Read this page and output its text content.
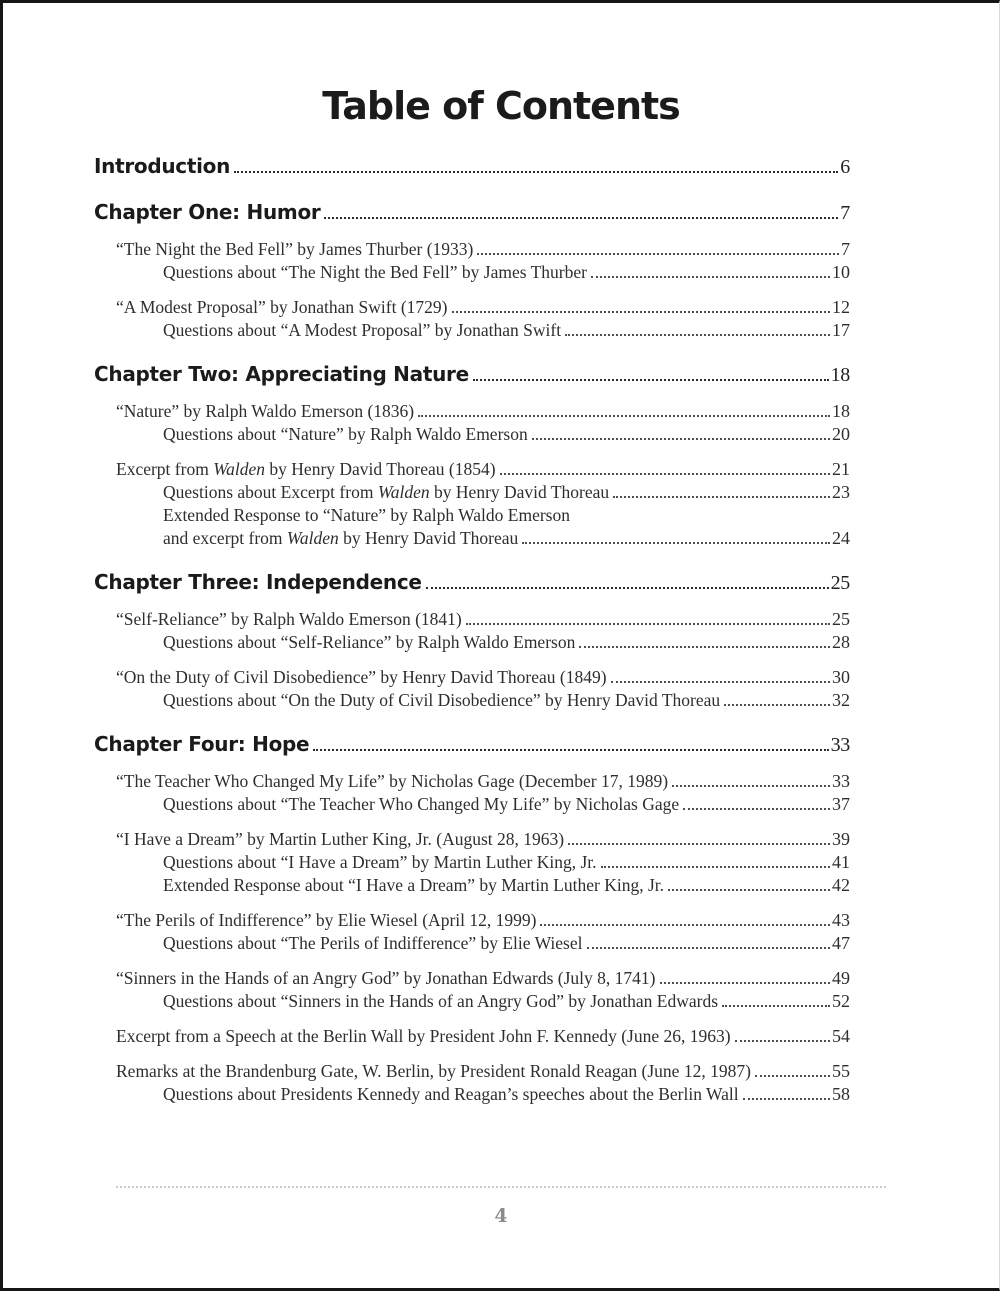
Table of Contents
Introduction	6
Chapter One: Humor	7
“The Night the Bed Fell” by James Thurber (1933)	7
Questions about “The Night the Bed Fell” by James Thurber	10
“A Modest Proposal” by Jonathan Swift (1729)	12
Questions about “A Modest Proposal” by Jonathan Swift	17
Chapter Two: Appreciating Nature	18
“Nature” by Ralph Waldo Emerson (1836)	18
Questions about “Nature” by Ralph Waldo Emerson	20
Excerpt from Walden by Henry David Thoreau (1854)	21
Questions about Excerpt from Walden by Henry David Thoreau	23
Extended Response to “Nature” by Ralph Waldo Emerson
and excerpt from Walden by Henry David Thoreau	24
Chapter Three: Independence	25
“Self-Reliance” by Ralph Waldo Emerson (1841)	25
Questions about “Self-Reliance” by Ralph Waldo Emerson	28
“On the Duty of Civil Disobedience” by Henry David Thoreau (1849)	30
Questions about “On the Duty of Civil Disobedience” by Henry David Thoreau	32
Chapter Four: Hope	33
“The Teacher Who Changed My Life” by Nicholas Gage (December 17, 1989)	33
Questions about “The Teacher Who Changed My Life” by Nicholas Gage	37
“I Have a Dream” by Martin Luther King, Jr. (August 28, 1963)	39
Questions about “I Have a Dream” by Martin Luther King, Jr.	41
Extended Response about “I Have a Dream” by Martin Luther King, Jr.	42
“The Perils of Indifference” by Elie Wiesel (April 12, 1999)	43
Questions about “The Perils of Indifference” by Elie Wiesel	47
“Sinners in the Hands of an Angry God” by Jonathan Edwards (July 8, 1741)	49
Questions about “Sinners in the Hands of an Angry God” by Jonathan Edwards	52
Excerpt from a Speech at the Berlin Wall by President John F. Kennedy (June 26, 1963)	54
Remarks at the Brandenburg Gate, W. Berlin, by President Ronald Reagan (June 12, 1987)	55
Questions about Presidents Kennedy and Reagan’s speeches about the Berlin Wall	58
4
